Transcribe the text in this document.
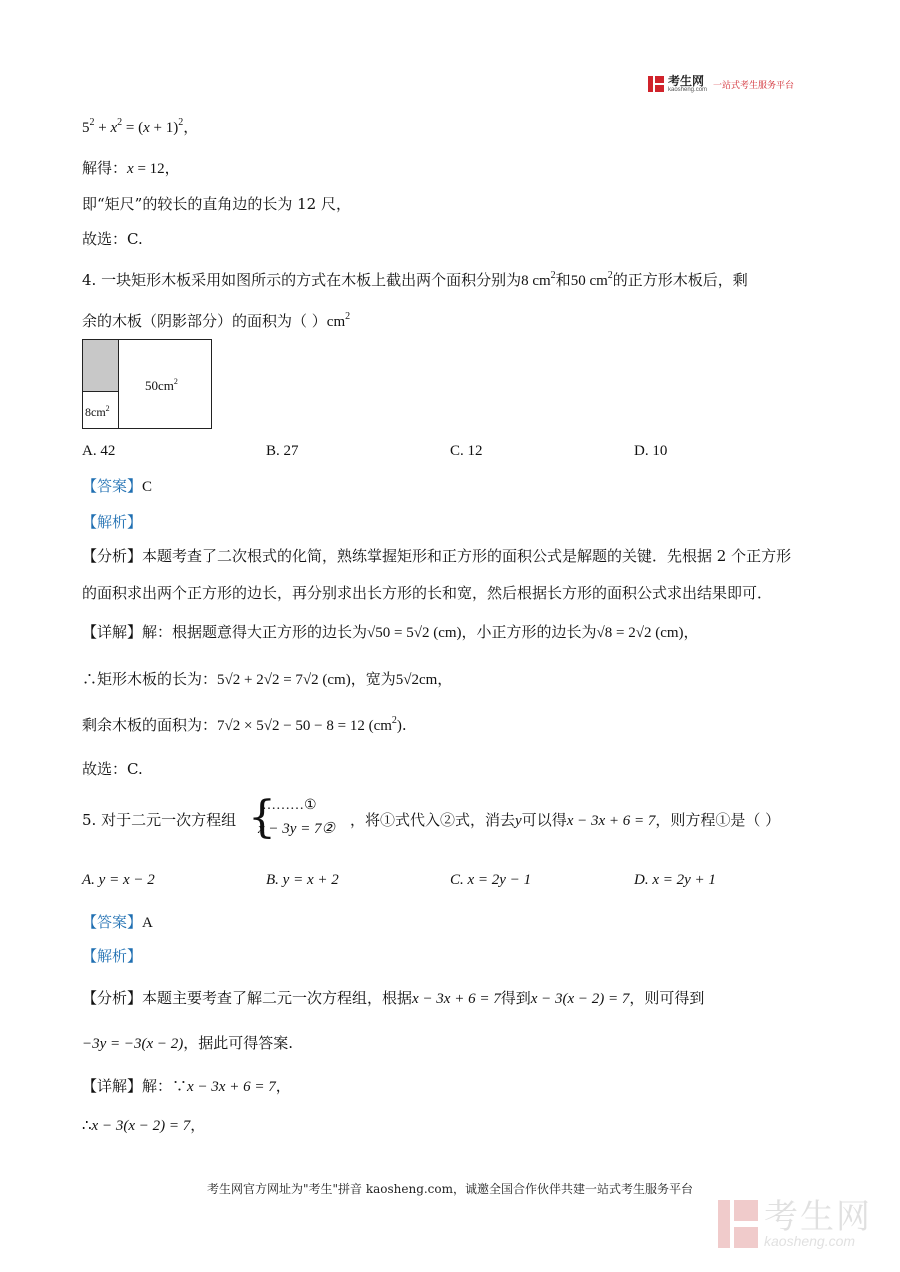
考生网
kaosheng.com 一站式考生服务平台
$5^2 + x^2 = (x + 1)^2$，
解得：x = 12，
即“矩尺”的较长的直角边的长为 12 尺，
故选：C.
4. 一块矩形木板采用如图所示的方式在木板上截出两个面积分别为8 $cm^2$和50 $cm^2$的正方形木板后，剩
余的木板（阴影部分）的面积为（ ）$cm^2$
$8cm^2$
$50cm^2$
A. 42	B. 27	C. 12	D. 10
【答案】C
【解析】
【分析】本题考查了二次根式的化简，熟练掌握矩形和正方形的面积公式是解题的关键．先根据 2 个正方形
的面积求出两个正方形的边长，再分别求出长方形的长和宽，然后根据长方形的面积公式求出结果即可．
【详解】解：根据题意得大正方形的边长为√50 = 5√2 (cm)，小正方形的边长为√8 = 2√2 (cm)，
∴矩形木板的长为：5√2 + 2√2 = 7√2 (cm)，宽为5√2cm，
剩余木板的面积为：7√2 × 5√2 − 50 − 8 = 12 $(cm^2)$.
故选：C.
5. 对于二元一次方程组 {
………①
x − 3y = 7② ，将①式代入②式，消去y可以得x − 3x + 6 = 7，则方程①是（ ）
A. y = x − 2	B. y = x + 2	C. x = 2y − 1	D. x = 2y + 1
【答案】A
【解析】
【分析】本题主要考查了解二元一次方程组，根据x − 3x + 6 = 7得到x − 3(x − 2) = 7，则可得到
−3y = −3(x − 2)，据此可得答案.
【详解】解：∵x − 3x + 6 = 7，
∴x − 3(x − 2) = 7，
考生网官方网址为"考生"拼音 kaosheng.com，诚邀全国合作伙伴共建一站式考生服务平台
考生网
kaosheng.com
